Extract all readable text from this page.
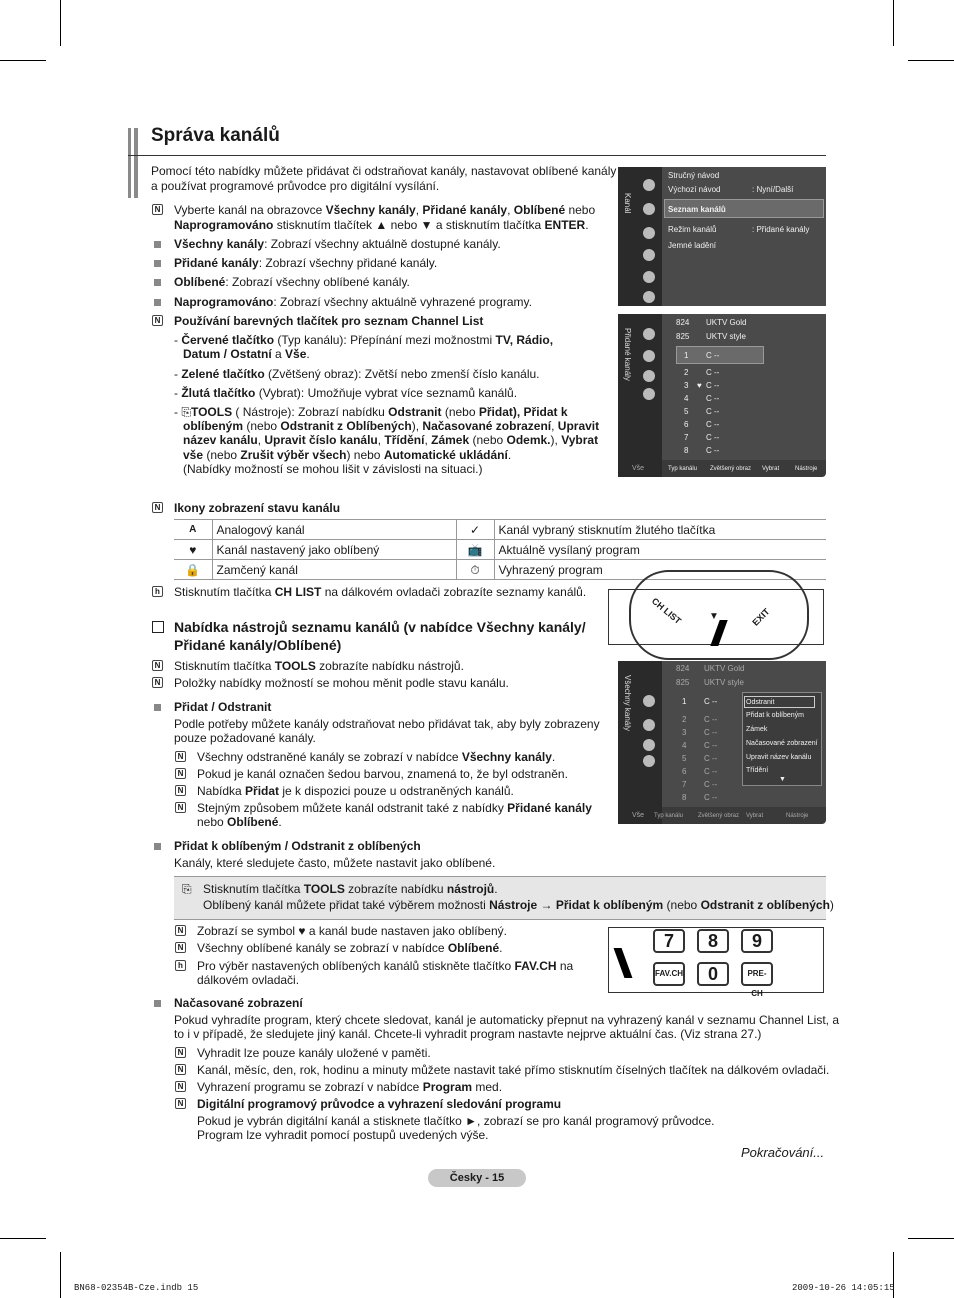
Správa kanálů
Pomocí této nabídky můžete přidávat či odstraňovat kanály, nastavovat oblíbené kanály
a používat programové průvodce pro digitální vysílání.
N
Vyberte kanál na obrazovce Všechny kanály, Přidané kanály, Oblíbené nebo
Naprogramováno stisknutím tlačítek ▲ nebo ▼ a stisknutím tlačítka ENTER.
Všechny kanály: Zobrazí všechny aktuálně dostupné kanály.
Přidané kanály: Zobrazí všechny přidané kanály.
Oblíbené: Zobrazí všechny oblíbené kanály.
Naprogramováno: Zobrazí všechny aktuálně vyhrazené programy.
N
Používání barevných tlačítek pro seznam Channel List
- Červené tlačítko (Typ kanálu): Přepínání mezi možnostmi TV, Rádio,
Datum / Ostatní a Vše.
- Zelené tlačítko (Zvětšený obraz): Zvětší nebo zmenší číslo kanálu.
- Žlutá tlačítko (Vybrat): Umožňuje vybrat více seznamů kanálů.
- ⎘TOOLS ( Nástroje): Zobrazí nabídku Odstranit (nebo Přidat), Přidat k
oblíbeným (nebo Odstranit z Oblíbených), Načasované zobrazení, Upravit
název kanálu, Upravit číslo kanálu, Třídění, Zámek (nebo Odemk.), Vybrat
vše (nebo Zrušit výběr všech) nebo Automatické ukládání.
(Nabídky možností se mohou lišit v závislosti na situaci.)
Kanál
Stručný návod
Výchozí návod	: Nyní/Další
Seznam kanálů
Režim kanálů	: Přidané kanály
Jemné ladění
Přidané kanály
824 UKTV Gold
825 UKTV style
1 C --
2 C --
3 ♥ C --
4 C --
5 C --
6 C --
7 C --
8 C --
Vše	Typ kanálu Zvětšený obraz Vybrat	Nástroje
N
Ikony zobrazení stavu kanálu
A	Analogový kanál	✓	Kanál vybraný stisknutím žlutého tlačítka
♥	Kanál nastavený jako oblíbený	📺	Aktuálně vysílaný program
🔒	Zamčený kanál	⏱	Vyhrazený program
h
Stisknutím tlačítka CH LIST na dálkovém ovladači zobrazíte seznamy kanálů.
CH LIST	EXIT
▼
Nabídka nástrojů seznamu kanálů (v nabídce Všechny kanály/
Přidané kanály/Oblíbené)
N
Stisknutím tlačítka TOOLS zobrazíte nabídku nástrojů.
N
Položky nabídky možností se mohou měnit podle stavu kanálu.	Všechny kanály
824 UKTV Gold
825 UKTV style
1 C --
2 C --
3 C --
4 C --
5 C --
6 C --
7 C --
8 C --
Odstranit
Přidat k oblíbeným
Zámek
Načasované zobrazení
Upravit název kanálu
Třídění
▼
Vše Typ kanálu Zvětšený obraz Vybrat	Nástroje
Přidat / Odstranit
Podle potřeby můžete kanály odstraňovat nebo přidávat tak, aby byly zobrazeny
pouze požadované kanály.
N
Všechny odstraněné kanály se zobrazí v nabídce Všechny kanály.
N
Pokud je kanál označen šedou barvou, znamená to, že byl odstraněn.
N
Nabídka Přidat je k dispozici pouze u odstraněných kanálů.
N
Stejným způsobem můžete kanál odstranit také z nabídky Přidané kanály
nebo Oblíbené.
Přidat k oblíbeným / Odstranit z oblíbených
Kanály, které sledujete často, můžete nastavit jako oblíbené.
⎘ Stisknutím tlačítka TOOLS zobrazíte nabídku nástrojů.
Oblíbený kanál můžete přidat také výběrem možnosti Nástroje → Přidat k oblíbeným (nebo Odstranit z oblíbených)
N
Zobrazí se symbol ♥ a kanál bude nastaven jako oblíbený.
N
Všechny oblíbené kanály se zobrazí v nabídce Oblíbené.
h
Pro výběr nastavených oblíbených kanálů stiskněte tlačítko FAV.CH na
dálkovém ovladači.
7	8	9
0
FAV.CH	PRE-CH
Načasované zobrazení
Pokud vyhradíte program, který chcete sledovat, kanál je automaticky přepnut na vyhrazený kanál v seznamu Channel List, a
to i v případě, že sledujete jiný kanál. Chcete-li vyhradit program nastavte nejprve aktuální čas. (Viz strana 27.)
N
Vyhradit lze pouze kanály uložené v paměti.
N
Kanál, měsíc, den, rok, hodinu a minuty můžete nastavit také přímo stisknutím číselných tlačítek na dálkovém ovladači.
N
Vyhrazení programu se zobrazí v nabídce Program med.
N
Digitální programový průvodce a vyhrazení sledování programu
Pokud je vybrán digitální kanál a stisknete tlačítko ►, zobrazí se pro kanál programový průvodce.
Program lze vyhradit pomocí postupů uvedených výše.
Pokračování...
Česky - 15
BN68-02354B-Cze.indb 15	2009-10-26 14:05:15
